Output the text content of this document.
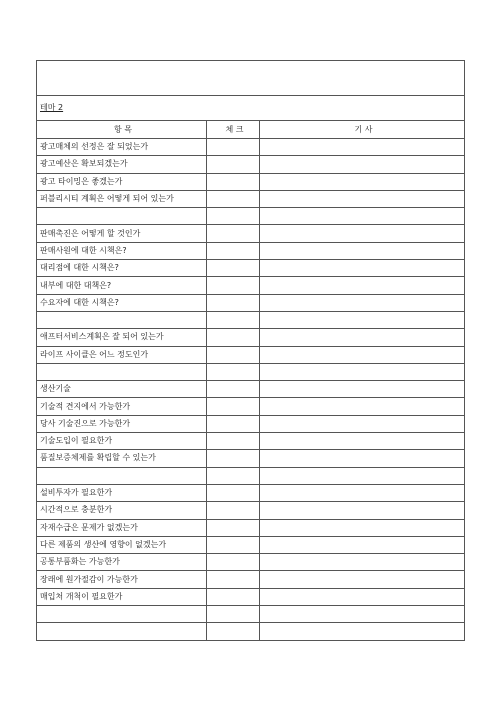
테마 2		
항 목	체 크	기 사
광고매체의 선정은 잘 되었는가		
광고예산은 확보되겠는가		
광고 타이밍은 좋겠는가		
퍼블리시티 계획은 어떻게 되어 있는가		

판매촉진은 어떻게 할 것인가		
판매사원에 대한 시책은?		
대리점에 대한 시책은?		
내부에 대한 대책은?		
수요자에 대한 시책은?		

애프터서비스계획은 잘 되어 있는가		
라이프 사이클은 어느 정도인가		

생산기술		
기술적 견지에서 가능한가		
당사 기술진으로 가능한가		
기술도입이 필요한가		
품질보증체제를 확립할 수 있는가		

설비투자가 필요한가		
시간적으로 충분한가		
자재수급은 문제가 없겠는가		
다른 제품의 생산에 영향이 없겠는가		
공통부품화는 가능한가		
장래에 원가절감이 가능한가		
매입처 개척이 필요한가		
